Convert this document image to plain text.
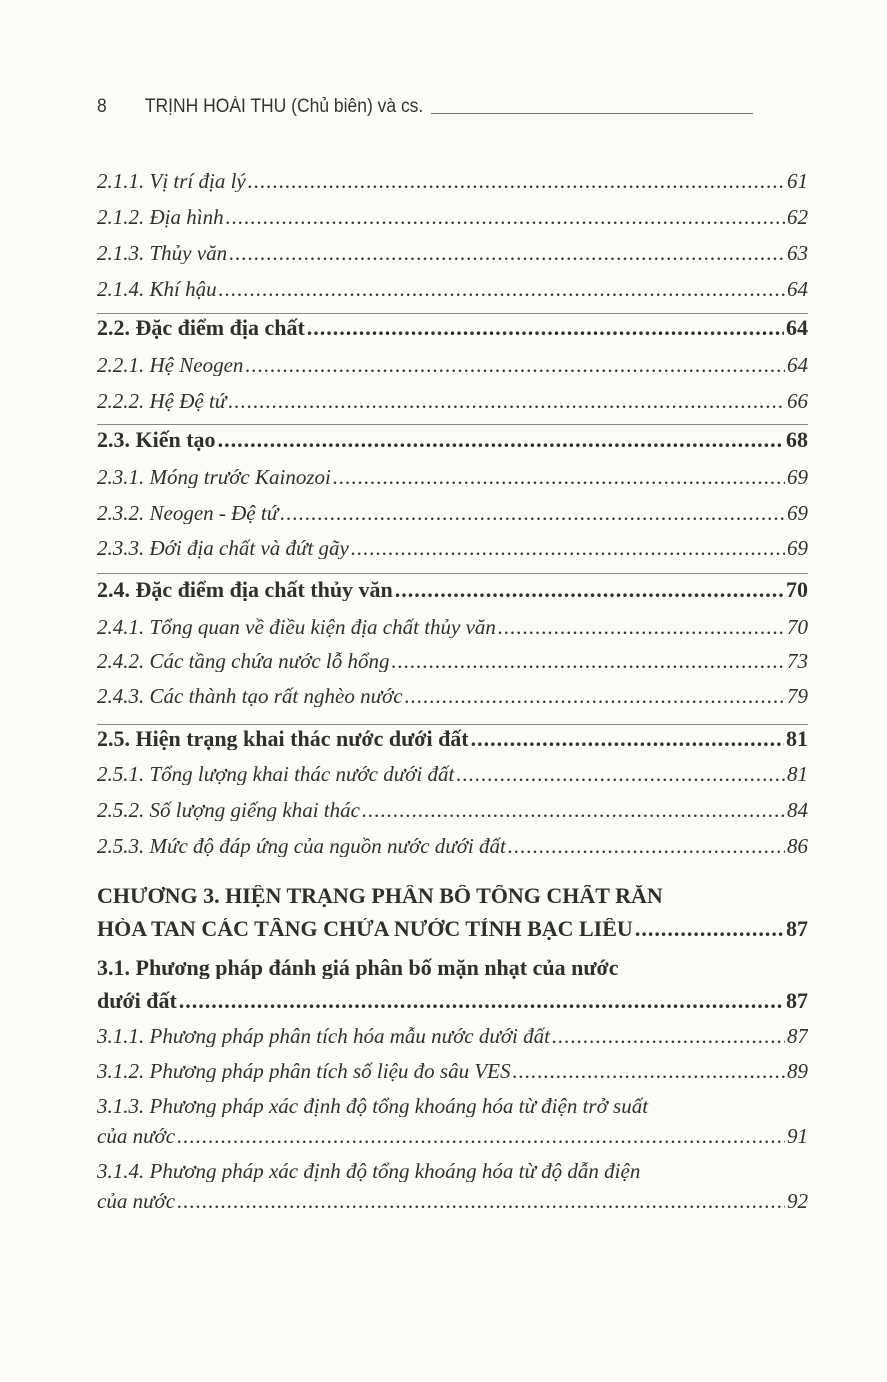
8	TRỊNH HOÀI THU (Chủ biên) và cs.
2.1.1. Vị trí địa lý .....	61
2.1.2. Địa hình .....	62
2.1.3. Thủy văn .....	63
2.1.4. Khí hậu .....	64
2.2. Đặc điểm địa chất .....	64
2.2.1. Hệ Neogen .....	64
2.2.2. Hệ Đệ tứ .....	66
2.3. Kiến tạo .....	68
2.3.1. Móng trước Kainozoi .....	69
2.3.2. Neogen - Đệ tứ .....	69
2.3.3. Đới địa chất và đứt gãy .....	69
2.4. Đặc điểm địa chất thủy văn .....	70
2.4.1. Tổng quan về điều kiện địa chất thủy văn .....	70
2.4.2. Các tầng chứa nước lỗ hổng .....	73
2.4.3. Các thành tạo rất nghèo nước .....	79
2.5. Hiện trạng khai thác nước dưới đất .....	81
2.5.1. Tổng lượng khai thác nước dưới đất .....	81
2.5.2. Số lượng giếng khai thác .....	84
2.5.3. Mức độ đáp ứng của nguồn nước dưới đất .....	86
CHƯƠNG 3. HIỆN TRẠNG PHÂN BỐ TỔNG CHẤT RẮN
HÒA TAN CÁC TẦNG CHỨA NƯỚC TỈNH BẠC LIÊU .....	87
3.1. Phương pháp đánh giá phân bố mặn nhạt của nước
dưới đất .....	87
3.1.1. Phương pháp phân tích hóa mẫu nước dưới đất .....	87
3.1.2. Phương pháp phân tích số liệu đo sâu VES .....	89
3.1.3. Phương pháp xác định độ tổng khoáng hóa từ điện trở suất
của nước .....	91
3.1.4. Phương pháp xác định độ tổng khoáng hóa từ độ dẫn điện
của nước .....	92
